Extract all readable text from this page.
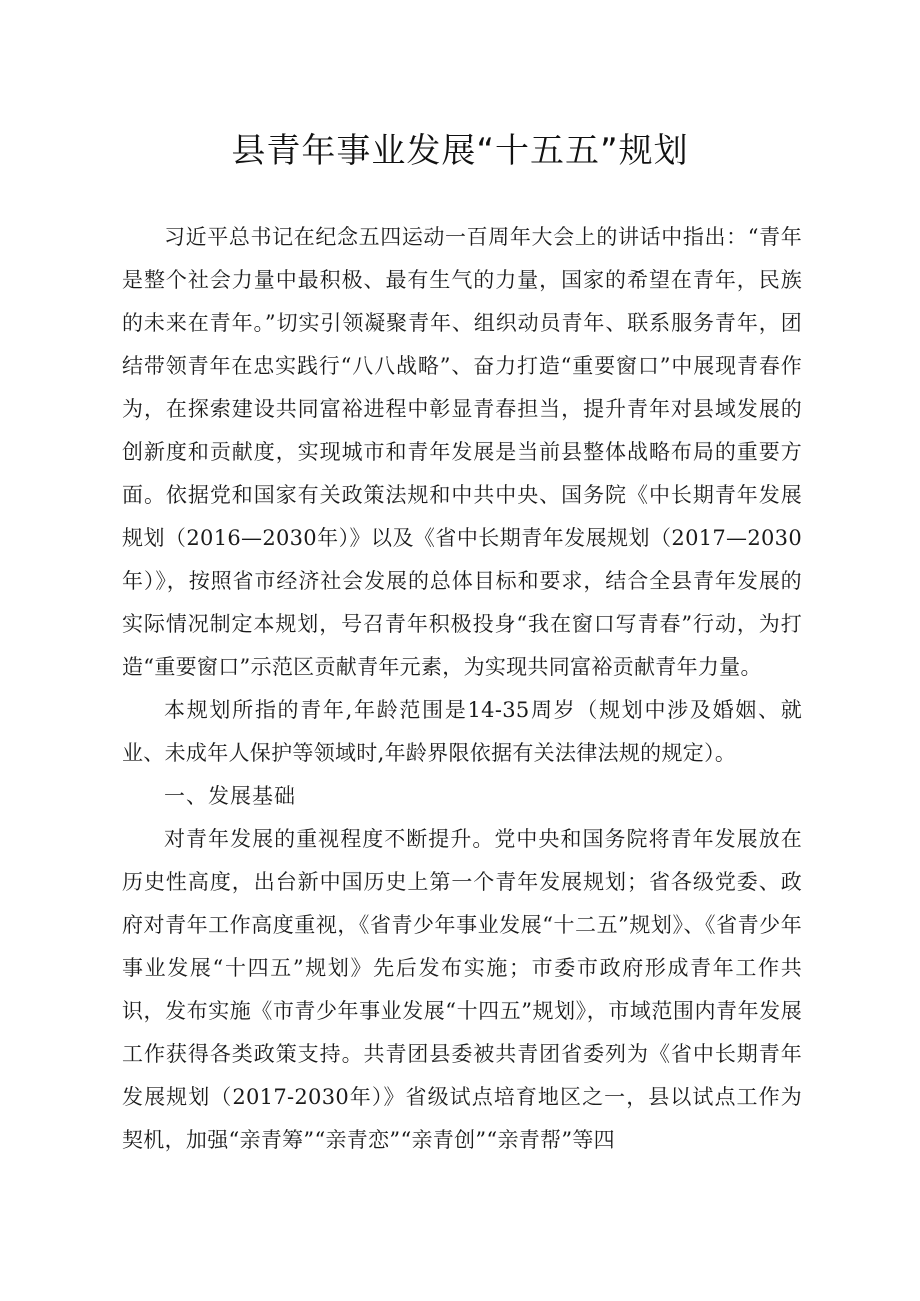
县青年事业发展“十五五”规划

习近平总书记在纪念五四运动一百周年大会上的讲话中指出：“青年是整个社会力量中最积极、最有生气的力量，国家的希望在青年，民族的未来在青年。”切实引领凝聚青年、组织动员青年、联系服务青年，团结带领青年在忠实践行“八八战略”、奋力打造“重要窗口”中展现青春作为，在探索建设共同富裕进程中彰显青春担当，提升青年对县域发展的创新度和贡献度，实现城市和青年发展是当前县整体战略布局的重要方面。依据党和国家有关政策法规和中共中央、国务院《中长期青年发展规划（2016—2030年）》以及《省中长期青年发展规划（2017—2030年）》，按照省市经济社会发展的总体目标和要求，结合全县青年发展的实际情况制定本规划，号召青年积极投身“我在窗口写青春”行动，为打造“重要窗口”示范区贡献青年元素，为实现共同富裕贡献青年力量。

本规划所指的青年,年龄范围是14-35周岁（规划中涉及婚姻、就业、未成年人保护等领域时,年龄界限依据有关法律法规的规定）。

一、发展基础

对青年发展的重视程度不断提升。党中央和国务院将青年发展放在历史性高度，出台新中国历史上第一个青年发展规划；省各级党委、政府对青年工作高度重视，《省青少年事业发展“十二五”规划》、《省青少年事业发展“十四五”规划》先后发布实施；市委市政府形成青年工作共识，发布实施《市青少年事业发展“十四五”规划》，市域范围内青年发展工作获得各类政策支持。共青团县委被共青团省委列为《省中长期青年发展规划（2017-2030年）》省级试点培育地区之一，县以试点工作为契机，加强“亲青筹”“亲青恋”“亲青创”“亲青帮”等四
